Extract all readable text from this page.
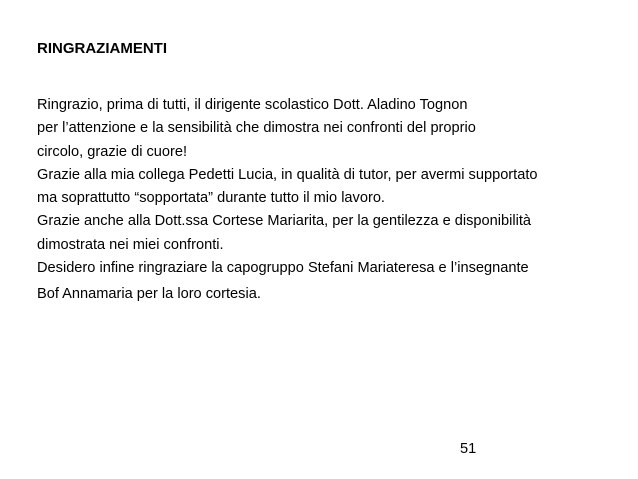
RINGRAZIAMENTI
Ringrazio, prima di tutti, il dirigente scolastico Dott. Aladino Tognon
per l’attenzione e la sensibilità che dimostra nei confronti del proprio
circolo, grazie di cuore!
Grazie alla mia collega Pedetti Lucia, in qualità di tutor, per avermi supportato
ma soprattutto “sopportata” durante tutto il mio lavoro.
Grazie anche alla Dott.ssa Cortese Mariarita, per la gentilezza e disponibilità
dimostrata nei miei confronti.
Desidero infine ringraziare la capogruppo Stefani Mariateresa e l’insegnante
Bof Annamaria per la loro cortesia.
51
